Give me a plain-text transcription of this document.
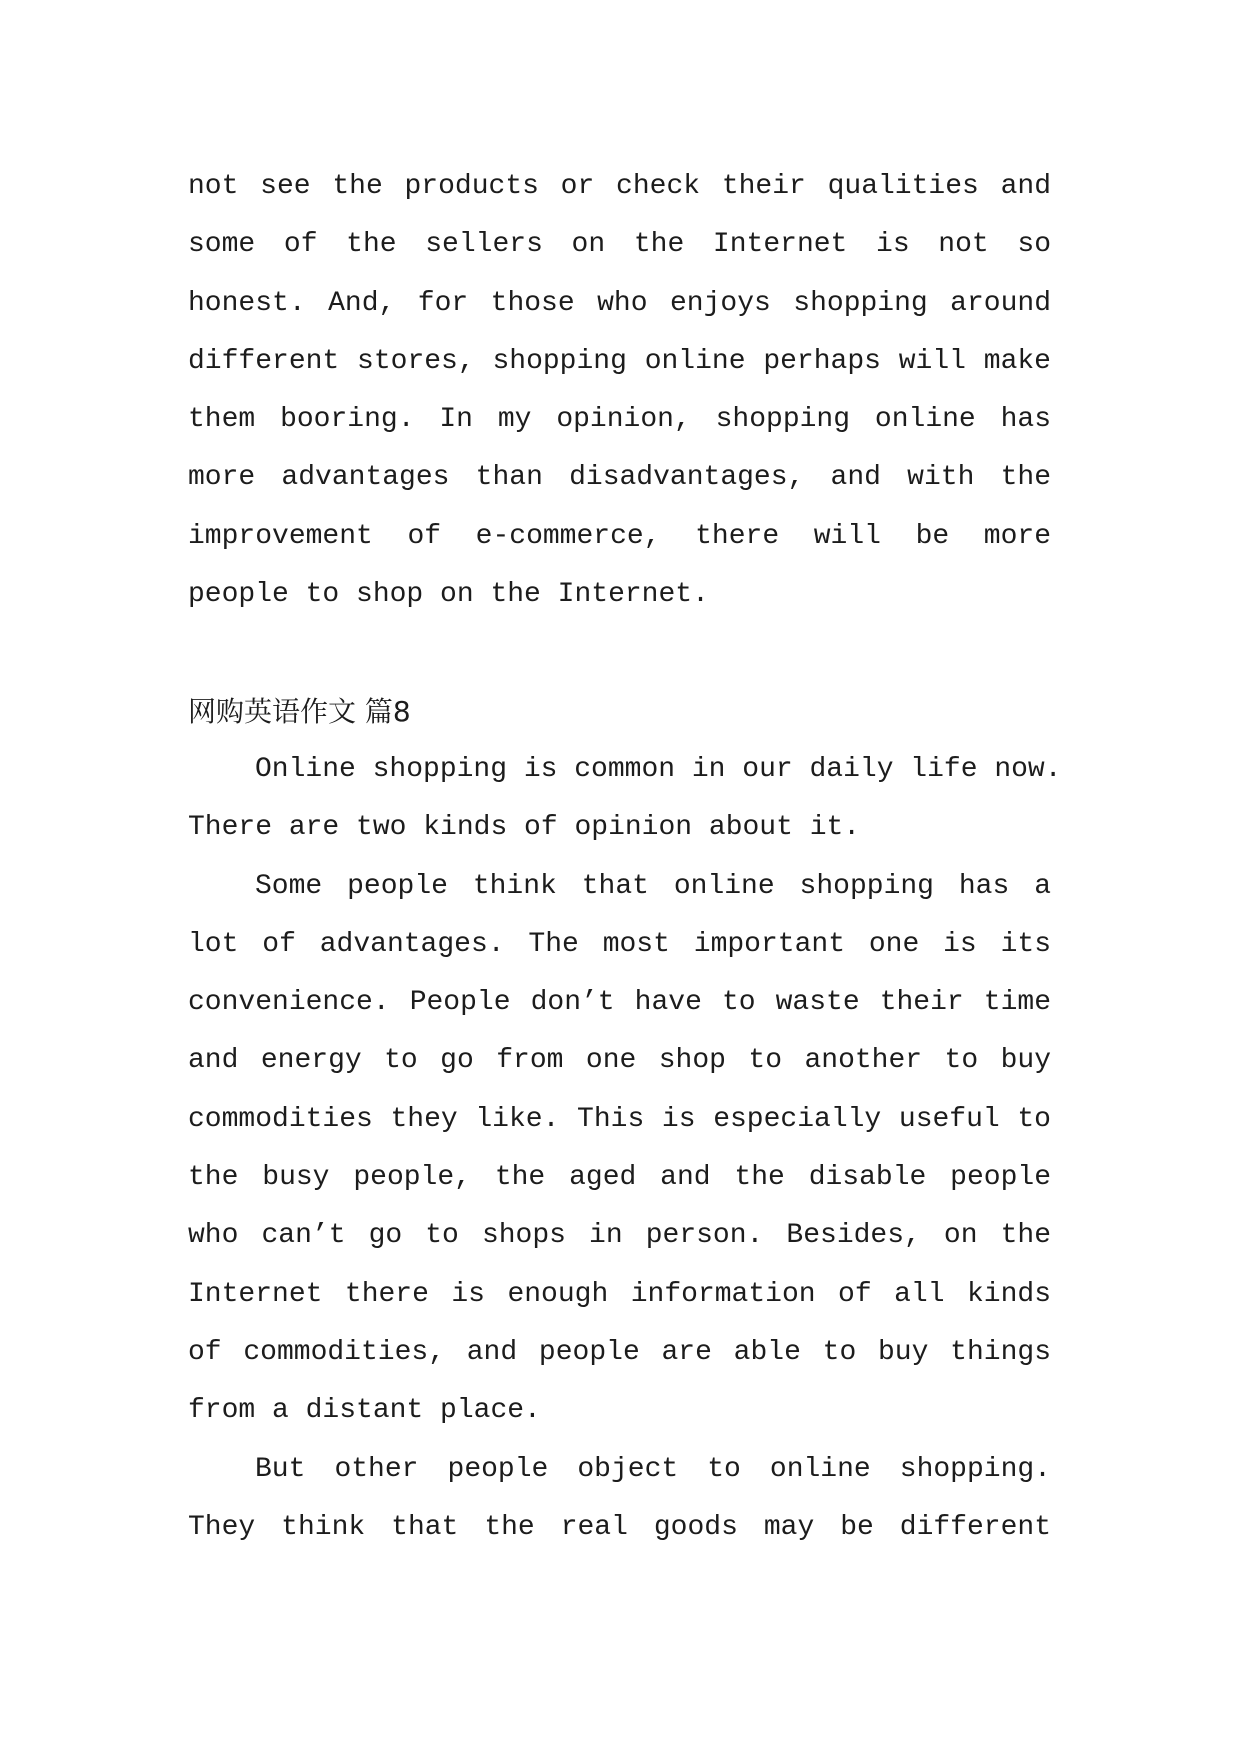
not see the products or check their qualities and
some of the sellers on the Internet is not so
honest. And, for those who enjoys shopping around
different stores, shopping online perhaps will make
them booring. In my opinion, shopping online has
more advantages than disadvantages, and with the
improvement of e-commerce, there will be more
people to shop on the Internet.
网购英语作文 篇8
Online shopping is common in our daily life now.
There are two kinds of opinion about it.
Some people think that online shopping has a
lot of advantages. The most important one is its
convenience. People don’t have to waste their time
and energy to go from one shop to another to buy
commodities they like. This is especially useful to
the busy people, the aged and the disable people
who can’t go to shops in person. Besides, on the
Internet there is enough information of all kinds
of commodities, and people are able to buy things
from a distant place.
But other people object to online shopping.
They think that the real goods may be different
